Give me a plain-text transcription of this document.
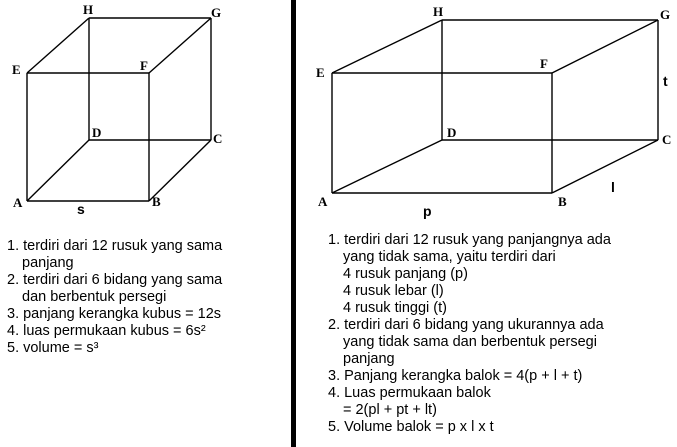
A	B
C
D
E	F
G
H
s	A	B
C
D
E
F
G
H
p
l
t
1. terdiri dari 12 rusuk yang sama
panjang
2. terdiri dari 6 bidang yang sama
dan berbentuk persegi
3. panjang kerangka kubus = 12s
4. luas permukaan kubus = 6s²
5. volume = s³
1. terdiri dari 12 rusuk yang panjangnya ada
yang tidak sama, yaitu terdiri dari
4 rusuk panjang (p)
4 rusuk lebar (l)
4 rusuk tinggi (t)
2. terdiri dari 6 bidang yang ukurannya ada
yang tidak sama dan berbentuk persegi
panjang
3. Panjang kerangka balok = 4(p + l + t)
4. Luas permukaan balok
= 2(pl + pt + lt)
5. Volume balok = p x l x t
